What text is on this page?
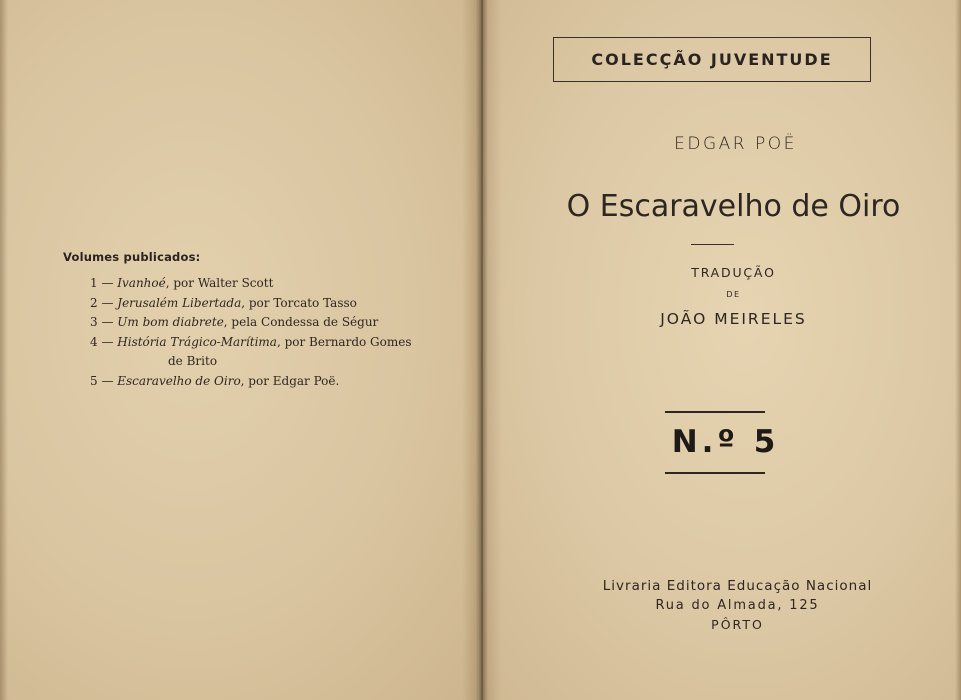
Volumes publicados:
1 — Ivanhoé, por Walter Scott
2 — Jerusalém Libertada, por Torcato Tasso
3 — Um bom diabrete, pela Condessa de Ségur
4 — História Trágico-Marítima, por Bernardo Gomes
de Brito
5 — Escaravelho de Oiro, por Edgar Poë.
COLECÇÃO JUVENTUDE
EDGAR POË
O Escaravelho de Oiro
TRADUÇÃO
DE
JOÃO MEIRELES
N.º 5
Livraria Editora Educação Nacional
Rua do Almada, 125
PÔRTO
